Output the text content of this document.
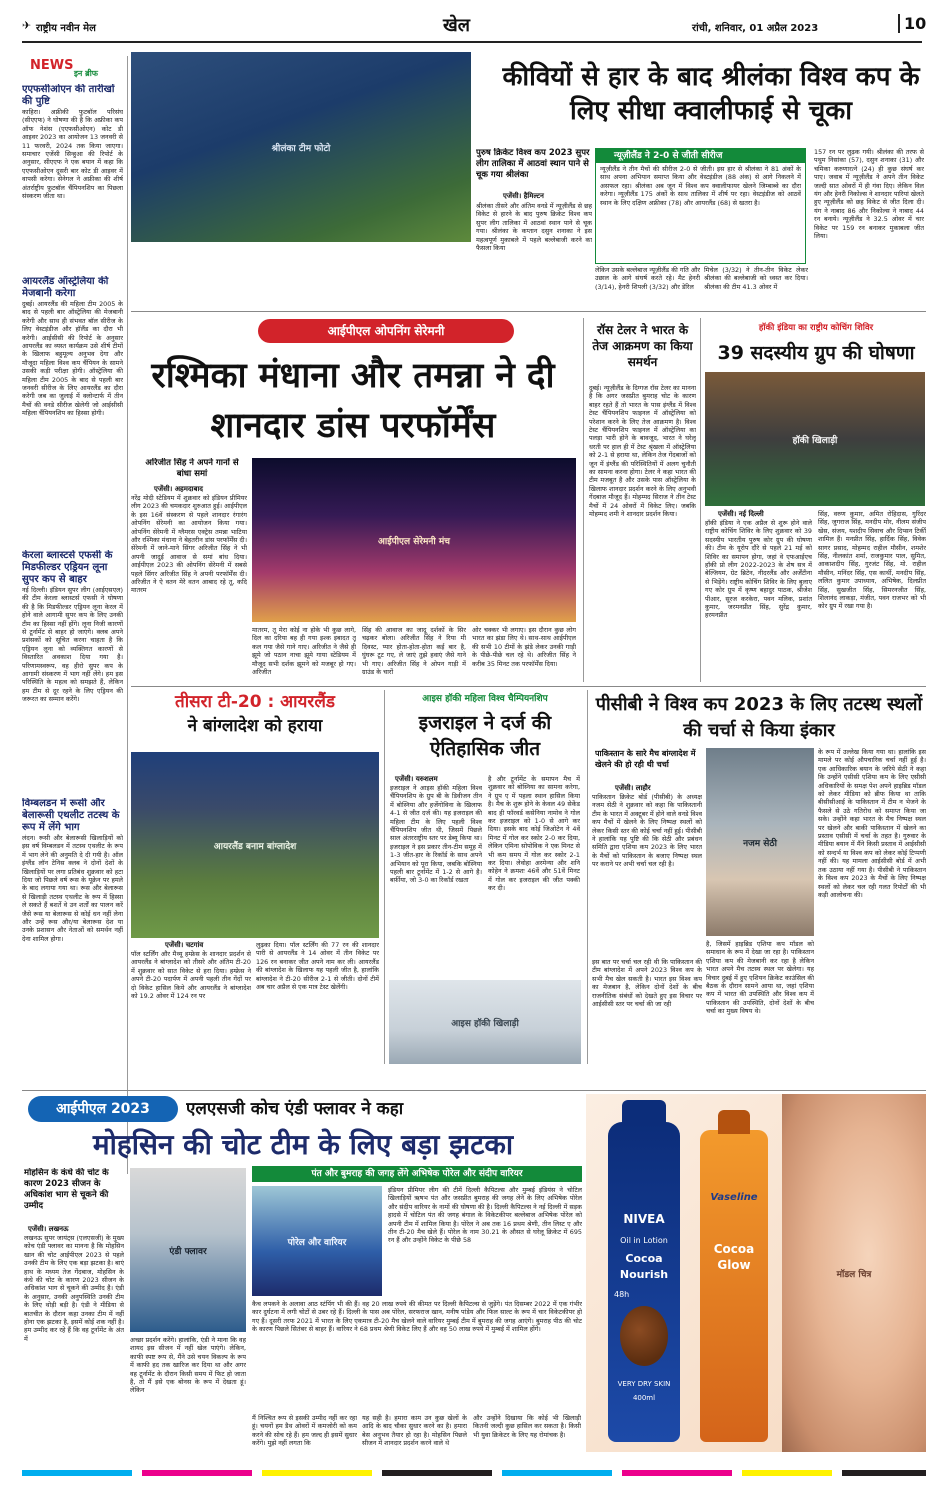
✈ राष्ट्रीय नवीन मेल	खेल	रांची, शनिवार, 01 अप्रैल 2023	10
NEWS
इन ब्रीफ
एएफसीओएन की तारीखों की पुष्टि
काहिरा। अफ्रीकी फुटबॉल परिसंघ (सीएएफ) ने घोषणा की है कि अफ्रीका कप ऑफ नेशंस (एएफसीओएन) कोट डी आइवर 2023 का आयोजन 13 जनवरी से 11 फरवरी, 2024 तक किया जाएगा। समाचार एजेंसी सिन्हुआ की रिपोर्ट के अनुसार, सीएएफ ने एक बयान में कहा कि एएफसीओएन दूसरी बार कोट डी आइवर में वापसी करेगा। सेनेगल ने अफ्रीका की शीर्ष अंतर्राष्ट्रीय फ़ुटबॉल चैंपियनशिप का पिछला संस्करण जीता था।
आयरलैंड ऑस्ट्रेलिया की मेजबानी करेगा
दुबई। आयरलैंड की महिला टीम 2005 के बाद से पहली बार ऑस्ट्रेलिया की मेजबानी करेगी और साथ ही संभवत बॉल सीरीज के लिए वेस्टइंडीज और हॉलैंड का दौरा भी करेगी। आईसीसी की रिपोर्ट के अनुसार आयरलैंड का व्यस्त कार्यक्रम उसे शीर्ष टीमों के खिलाफ बहुमूल्य अनुभव देगा और मौजूदा महिला विश्व कप चैंपियन के सामने उसकी कड़ी परीक्षा होगी। ऑस्ट्रेलिया की महिला टीम 2005 के बाद से पहली बार जनवरी सीरीज के लिए आयरलैंड का दौरा करेगी जब का जुलाई में क्लोन्टार्फ में तीन मैचों की वनडे सीरीज खेलेगी जो आईसीसी महिला चैंपियनशिप का हिस्सा होगी।
केरला ब्लास्टर्स एफसी के मिडफील्डर एड्रियन लूना सुपर कप से बाहर
नई दिल्ली। इंडियन सुपर लीग (आईएसएल) की टीम केरला ब्लास्टर्स एफसी ने घोषणा की है कि मिडफील्डर एड्रियन लूना केरल में होने वाले आगामी सुपर कप के लिए उनकी टीम का हिस्सा नहीं होंगे। लूना निजी कारणों से टूर्नामेंट से बाहर हो जाएंगे। क्लब अपने प्रशंसकों को सूचित करना चाहता है कि एड्रियन लूना को व्यक्तिगत कारणों से विस्तारित अवकाश दिया गया है। परिणामस्वरूप, वह हीरो सुपर कप के आगामी संस्करण में भाग नहीं लेंगे। हम इस परिस्थिति के महत्व को समझते हैं, लेकिन हम टीम से दूर रहने के लिए एड्रियन की जरूरत का सम्मान करेंगे।
विम्बलडन में रूसी और बेलारूसी एथलीट तटस्थ के रूप में लेंगे भाग
लंदन। रूसी और बेलारूसी खिलाड़ियों को इस वर्ष विम्बलडन में तटस्थ एथलीट के रूप में भाग लेने की अनुमति दे दी गयी है। ऑल इंग्लैंड लॉन टेनिस क्लब ने दोनों देशों के खिलाड़ियों पर लगा प्रतिबंध शुक्रवार को हटा दिया जो पिछले वर्ष रूस के यूक्रेन पर हमले के बाद लगाया गया था। रूस और बेलारूस से खिलाड़ी तटस्थ एथलीट के रूप में हिस्सा ले सकते हैं बशर्ते वे उन शर्तों का पालन करें जैसे रूस या बेलारूस से कोई धन नहीं लेना और उन्हें रूस और/या बेलारूस देश या उनके प्रशासन और नेताओं को समर्थन नहीं देना शामिल होगा।
श्रीलंका टीम फोटो
कीवियों से हार के बाद श्रीलंका विश्व कप के लिए सीधा क्वालीफाई से चूका
पुरुष क्रिकेट विश्व कप 2023 सुपर लीग तालिका में आठवां स्थान पाने से चूक गया श्रीलंका
एजेंसी। हैमिल्टन
श्रीलंका तीसरे और अंतिम वनडे में न्यूज़ीलैंड से छह विकेट से हारने के बाद पुरुष क्रिकेट विश्व कप सुपर लीग तालिका में आठवां स्थान पाने से चूक गया। श्रीलंका के कप्तान दसुन शनाका ने इस महत्वपूर्ण मुकाबले में पहले बल्लेबाजी करने का फैसला किया
न्यूज़ीलैंड ने 2-0 से जीती सीरीज
न्यूज़ीलैंड ने तीन मैचों की सीरीज 2-0 से जीती। इस हार से श्रीलंका ने 81 अंकों के साथ अपना अभियान समाप्त किया और वेस्टइंडीज (88 अंक) से आगे निकलने में असफल रहा। श्रीलंका अब जून में विश्व कप क्वालीफायर खेलने जिम्बाब्वे का दौरा करेगा। न्यूज़ीलैंड 175 अंकों के साथ तालिका में शीर्ष पर रहा। वेस्टइंडीज को आठवें स्थान के लिए दक्षिण अफ्रीका (78) और आयरलैंड (68) से खतरा है।
लेकिन उसके बल्लेबाज न्यूज़ीलैंड की गति और उछाल के आगे संघर्ष करते रहे। मैट हेनरी (3/14), हेनरी शिपली (3/32) और डेरिल
मिचेल (3/32) ने तीन-तीन विकेट लेकर श्रीलंका की बल्लेबाजी को ध्वस्त कर दिया। श्रीलंका की टीम 41.3 ओवर में
157 रन पर लुढ़क गयी। श्रीलंका की तरफ से पथुम निसांका (57), दसुन शनाका (31) और चमिका करुणारत्ने (24) ही कुछ संघर्ष कर पाए। जवाब में न्यूज़ीलैंड ने अपने तीन विकेट जल्दी सात ओवरों में ही गंवा दिए। लेकिन विल यंग और हेनरी निकोल्स ने शानदार पारियां खेलते हुए न्यूज़ीलैंड को छह विकेट से जीत दिला दी। यंग ने नाबाद 86 और निकोल्स ने नाबाद 44 रन बनाये। न्यूज़ीलैंड ने 32.5 ओवर में चार विकेट पर 159 रन बनाकर मुकाबला जीत लिया।
आईपीएल ओपनिंग सेरेमनी
रश्मिका मंधाना और तमन्ना ने दी शानदार डांस परफॉर्मेंस
अरिजीत सिंह ने अपने गानों से बांधा समां
एजेंसी। अहमदाबाद
नरेंद्र मोदी स्टेडियम में शुक्रवार को इंडियन प्रीमियर लीग 2023 की चमकदार शुरुआत हुई। आईपीएल के इस 16वें संस्करण से पहले शानदार रंगारंग ओपनिंग सेरेमनी का आयोजन किया गया। ओपनिंग सेरेमनी में ग्लैमरस एक्ट्रेस तमन्ना भाटिया और रश्मिका मंधाना ने बेहतरीन डांस परफॉर्मेंस दी। सेरेमनी में जाने-माने सिंगर अरिजीत सिंह ने भी अपनी जादुई आवाज से समां बांध दिया। आईपीएल 2023 की ओपनिंग सेरेमनी में सबसे पहले सिंगर अरिजीत सिंह ने अपनी परफॉर्मेंस दी। अरिजीत ने ऐ वतन मेरे वतन आबाद रहे तू, कदि मातरम
आईपीएल सेरेमनी मंच
मातरम, तू मेरा कोई ना होके भी कुछ लागे, दिल का दरिया बह ही गया इश्क इबादत तू कल गया जैसे गाने गाए। अरिजीत ने जैसे ही झूमे जो पठान नाचा झूमे गाया स्टेडियम में मौजूद सभी दर्शक झूमने को मजबूर हो गए। अरिजीत
सिंह की आवाज का जादू दर्शकों के सिर चढ़कर बोला। अरिजीत सिंह ने रिया मी दिवस्ट, प्यार होता-होता-होता कई बार है, घुंघरू टूट गए, ले जाएं तुझे हवाएं जैसे गाने भी गाए। अरिजीत सिंह ने ओपन गाड़ी में ग्राउंड के चारों
ओर चक्कर भी लगाए। इस दौरान कुछ लोग भारत का झंडा लिए थे। साथ-साथ आईपीएल की सभी 10 टीमों के झंडे लेकर उनकी गाड़ी के पीछे-पीछे चल रहे थे। अरिजीत सिंह ने करीब 35 मिनट तक परफॉर्मेंस दिया।
रॉस टेलर ने भारत के तेज आक्रमण का किया समर्थन
दुबई। न्यूज़ीलैंड के दिग्गज रॉस टेलर का मानना है कि अगर जसप्रीत बुमराह चोट के कारण बाहर रहते हैं तो भारत के पास इंग्लैंड में विश्व टेस्ट चैंपियनशिप फाइनल में ऑस्ट्रेलिया को परेशान करने के लिए तेज आक्रमण है। विश्व टेस्ट चैंपियनशिप फाइनल में ऑस्ट्रेलिया का पलड़ा भारी होने के बावजूद, भारत ने घरेलू धरती पर हाल ही में टेस्ट श्रृंखला में ऑस्ट्रेलिया को 2-1 से हराया था, लेकिन तेज गेंदबाजों को जून में इंग्लैंड की परिस्थितियों में अलग चुनौती का सामना करना होगा। टेलर ने कहा भारत की टीम मजबूत है और उसके पास ऑस्ट्रेलिया के खिलाफ शानदार प्रदर्शन करने के लिए अनुभवी गेंदबाज मौजूद हैं। मोहम्मद सिराज ने तीन टेस्ट मैचों में 24 ओवरों में विकेट लिए। जबकि मोहम्मद शमी ने शानदार प्रदर्शन किया।
हॉकी इंडिया का राष्ट्रीय कोचिंग शिविर
39 सदस्यीय ग्रुप की घोषणा
हॉकी खिलाड़ी
एजेंसी। नई दिल्ली
हॉकी इंडिया ने एक अप्रैल से शुरू होने वाले राष्ट्रीय कोचिंग शिविर के लिए शुक्रवार को 39 सदस्यीय भारतीय पुरुष कोर ग्रुप की घोषणा की। टीम के यूरोप दौरे से पहले 21 मई को शिविर का समापन होगा, जहां वे एफआईएच हॉकी प्रो लीग 2022-2023 के शेष सत्र में बेल्जियम, ग्रेट ब्रिटेन, नीदरलैंड और अर्जेंटीना से भिड़ेंगे। राष्ट्रीय कोचिंग शिविर के लिए बुलाए गए कोर ग्रुप में कृष्ण बहादुर पाठक, श्रीजेश पीआर, सूरज करकेरा, पवन मलिक, प्रशांत कुमार, जरमनप्रीत सिंह, सुरेंद्र कुमार, हरमनप्रीत
सिंह, वरुण कुमार, अमित रोहिदास, गुरिंदर सिंह, जुगराज सिंह, मनदीप मोर, नीलम संजीप खेस, संजय, यशदीप सिवाच और दिप्सन टिर्की शामिल हैं। मनप्रीत सिंह, हार्दिक सिंह, विवेक सागर प्रसाद, मोहम्मद राहील मौसीन, शमशेर सिंह, नीलकांत शर्मा, राजकुमार पाल, सुमित, आकाशदीप सिंह, गुरजंट सिंह, मो. राहील मौसीन, मनिंदर सिंह, एस कार्थी, मनदीप सिंह, ललित कुमार उपाध्याय, अभिषेक, दिलप्रीत सिंह, सुखजीत सिंह, सिमरनजीत सिंह, शिलानंद लाकड़ा, मंजीत, पवन राजभर को भी कोर ग्रुप में रखा गया है।
तीसरा टी-20 : आयरलैंड
ने बांग्लादेश को हराया
आयरलैंड बनाम बांग्लादेश
एजेंसी। चटगांव
पॉल स्टर्लिंग और मैथ्यू हम्फ्रेस के शानदार प्रदर्शन से आयरलैंड ने बांग्लादेश को तीसरे और अंतिम टी-20 में शुक्रवार को सात विकेट से हरा दिया। हम्फ्रेस ने अपने टी-20 पदार्पण में अपनी पहली तीन गेंदों पर दो विकेट हासिल किये और आयरलैंड ने बांग्लादेश को 19.2 ओवर में 124 रन पर
लुढ़का दिया। पॉल स्टर्लिंग की 77 रन की शानदार पारी से आयरलैंड ने 14 ओवर में तीन विकेट पर 126 रन बनाकर जीत अपने नाम कर ली। आयरलैंड की बांग्लादेश के खिलाफ यह पहली जीत है, हालांकि बांग्लादेश ने टी-20 सीरीज 2-1 से जीती। दोनों टीमें अब चार अप्रैल से एक मात्र टेस्ट खेलेंगी।
आइस हॉकी महिला विश्व चैम्पियनशिप
इजराइल ने दर्ज की ऐतिहासिक जीत
एजेंसी। यरुशलम
इजराइल ने आइस हॉकी महिला विश्व चैंपियनशिप के ग्रुप बी के डिवीजन तीन में बोस्निया और हर्जेगोविना के खिलाफ 4-1 से जीत दर्ज की। यह इजराइल की महिला टीम के लिए पहली विश्व चैंपियनशिप जीत थी, जिसमें पिछले साल अंतरराष्ट्रीय स्तर पर डेब्यू किया था। इजराइल ने इस प्रकार तीन-टीम समूह में 1-3 जीत-हार के रिकॉर्ड के साथ अपने अभियान को पूरा किया, जबकि बोस्निया पहली बार टूर्नामेंट में 1-2 से आगे है। बर्फ़ीया, जो 3-0 का रिकॉर्ड रखता
है और टूर्नामेंट के समापन मैच में शुक्रवार को बोस्निया का सामना करेगा, ने ग्रुप ए में पहला स्थान हासिल किया है। मैच के शुरू होने के केवल 49 सेकेंड बाद ही फॉरवर्ड कसेनिया नामोव ने गोल कर इजराइल को 1-0 से आगे कर दिया। इसके बाद कोई जिओटेन ने 4वें मिनट में गोल कर स्कोर 2-0 कर दिया, लेकिन एमिना सोपोविक ने एक मिनट से भी कम समय में गोल कर स्कोर 2-1 कर दिया। लेवोहा अरमेन्या और शनि कोहेन ने क्रमशः 46वें और 51वें मिनट में गोल कर इजराइल की जीत पक्की कर दी।
आइस हॉकी खिलाड़ी
पीसीबी ने विश्व कप 2023 के लिए तटस्थ स्थलों की चर्चा से किया इंकार
पाकिस्तान के सारे मैच बांग्लादेश में खेलने की हो रही थी चर्चा
एजेंसी। लाहौर
पाकिस्तान क्रिकेट बोर्ड (पीसीबी) के अध्यक्ष नजम सेठी ने शुक्रवार को कहा कि पाकिस्तानी टीम के भारत में अक्टूबर में होने वाले वनडे विश्व कप मैचों में खेलने के लिए निष्पक्ष स्थलों को लेकर किसी स्तर की कोई चर्चा नहीं हुई। पीसीबी ने हालांकि यह पुष्टि की कि सेठी और प्रबंधन समिति द्वारा एशिया कप 2023 के लिए भारत के मैचों को पाकिस्तान के बजाए निष्पक्ष स्थल पर कराने पर अभी चर्चा चल रही है।
नजम सेठी
है, जिसमें हाइब्रिड एशिया कप मॉडल को समाधान के रूप में देखा जा रहा है। पाकिस्तान एशिया कप की मेजबानी कर रहा है लेकिन भारत अपने मैच तटस्थ स्थल पर खेलेगा। यह विचार दुबई में हुए एशियन क्रिकेट काउंसिल की बैठक के दौरान सामने आया था, जहां एशिया कप में भारत की उपस्थिति और विश्व कप में पाकिस्तान की उपस्थिति, दोनों देशों के बीच चर्चा का मुख्य विषय थे।
इस बात पर चर्चा चल रही थी कि पाकिस्तान की टीम बांग्लादेश में अपने 2023 विश्व कप के सभी मैच खेल सकती है। भारत इस विश्व कप का मेजबान है, लेकिन दोनों देशों के बीच राजनीतिक संबंधों को देखते हुए इस विचार पर आईसीसी स्तर पर चर्चा की जा रही
के रूप में उल्लेख किया गया था। हालांकि इस मामले पर कोई औपचारिक चर्चा नहीं हुई है। एक आधिकारिक बयान के जरिये सेठी ने कहा कि उन्होंने एसीसी एशिया कप के लिए एसीसी अधिकारियों के समक्ष पेश अपने हाइब्रिड मॉडल को लेकर मीडिया को ब्रीफ किया था ताकि बीसीसीआई के पाकिस्तान में टीम न भेजने के फैसले से उठे गतिरोध को समाप्त किया जा सके। उन्होंने कहा भारत के मैच निष्पक्ष स्थल पर खेलने और बाकी पाकिस्तान में खेलने का प्रस्ताव एसीसी में चर्चा के तहत है। गुरुवार के मीडिया बयान में मैंने किसी प्रस्ताव में आईसीसी को सन्दर्भ या विश्व कप को लेकर कोई टिप्पणी नहीं की। यह मामला आईसीसी बोर्ड में अभी तक उठाया नहीं गया है। पीसीबी ने पाकिस्तान के विश्व कप 2023 के मैचों के लिए निष्पक्ष स्थलों को लेकर चल रही गलत रिपोर्टों की भी कड़ी आलोचना की।
आईपीएल 2023	एलएसजी कोच एंडी फ्लावर ने कहा
मोहसिन की चोट टीम के लिए बड़ा झटका
मोहसिन के कंधे की चोट के कारण 2023 सीजन के अधिकांश भाग से चूकने की उम्मीद
एजेंसी। लखनऊ
लखनऊ सुपर जायंट्स (एलएसजी) के मुख्य कोच एंडी फ्लावर का मानना है कि मोहसिन खान की चोट आईपीएल 2023 से पहले उनकी टीम के लिए एक बड़ा झटका है। बाएं हाथ के मध्यम तेज गेंदबाज, मोहसिन के कंधे की चोट के कारण 2023 सीजन के अधिकांश भाग से चूकने की उम्मीद है। एंडी के अनुसार, उनकी अनुपस्थिति उनकी टीम के लिए थोड़ी बड़ी है। एंडी ने मीडिया से बातचीत के दौरान कहा उनका टीम में नहीं होना एक झटका है, इसमें कोई शक नहीं है। हम उम्मीद कर रहे हैं कि वह टूर्नामेंट के अंत में
एंडी फ्लावर
अच्छा प्रदर्शन करेंगे। हालांकि, एंडी ने माना कि वह शायद इस सीजन में नहीं खेल पाएंगे। लेकिन, काफी स्पष्ट रूप से, मैंने उसे चयन विकल्प के रूप में काफी हद तक खारिज कर दिया था और अगर वह टूर्नामेंट के दौरान किसी समय में फिट हो जाता है, तो मैं इसे एक बोनस के रूप में देखता हूं। लेकिन
मैं निश्चित रूप से इसकी उम्मीद नहीं कर रहा हूं। चयनों हम डैथ ओवरों में कमजोरी को कम करने की सोच रहे हैं। हम जल्द ही इसमें सुधार करेंगे। मुझे नहीं लगता कि
यह सही है। हमारा काम उन कुछ खेलों के आदि के बाद चौका सुधार करने का है। हमारा बेस अनुभव तैयार हो रहा है। मोहसिन पिछले सीजन में शानदार प्रदर्शन करने वाले थे
और उन्होंने दिखाया कि कोई भी खिलाड़ी कितनी जल्दी कुछ हासिल कर सकता है। किसी भी युवा क्रिकेटर के लिए यह रोमांचक है।
पंत और बुमराह की जगह लेंगे अभिषेक पोरेल और संदीप वारियर
पोरेल और वारियर
इंडियन प्रीमियर लीग की टीमें दिल्ली कैपिटल्स और मुम्बई इंडियंस ने चोटिल खिलाड़ियों ऋषभ पंत और जसप्रीत बुमराह की जगह लेने के लिए अभिषेक पोरेल और संदीप वारियर के नामों की घोषणा की है। दिल्ली कैपिटल्स ने नई दिल्ली में सड़क हादसे में चोटिल पंत की जगह बंगाल के विकेटकीपर बल्लेबाज अभिषेक पोरेल को अपनी टीम में शामिल किया है। पोरेल ने अब तक 16 प्रथम श्रेणी, तीन लिस्ट ए और तीन टी-20 मैच खेले हैं। पोरेल के नाम 30.21 के औसत से घरेलू क्रिकेट में 695 रन हैं और उन्होंने विकेट के पीछे 58
कैच लपकने के अलावा आठ स्टंपिंग भी की हैं। वह 20 लाख रुपये की कीमत पर दिल्ली कैपिटल्स से जुड़ेंगे। पंत दिसम्बर 2022 में एक गंभीर कार दुर्घटना में लगी चोटों से उबर रहे हैं। दिल्ली के पास अब पोरेल, सरफराज खान, मनीष पांडेय और फिल साल्ट के रूप में चार विकेटकीपर हो गए हैं। दूसरी तरफ 2021 में भारत के लिए एकमात्र टी-20 मैच खेलने वाले वारियर मुम्बई टीम में बुमराह की जगह आएंगे। बुमराह पीठ की चोट के कारण पिछले सितंबर से बाहर हैं। वारियर ने 68 प्रथम श्रेणी विकेट लिए हैं और वह 50 लाख रुपये में मुम्बई में शामिल होंगे।
NIVEA
Oil in Lotion
Cocoa
Nourish
48h
VERY DRY SKIN
400ml
Vaseline
Cocoa
Glow
मॉडल चित्र
